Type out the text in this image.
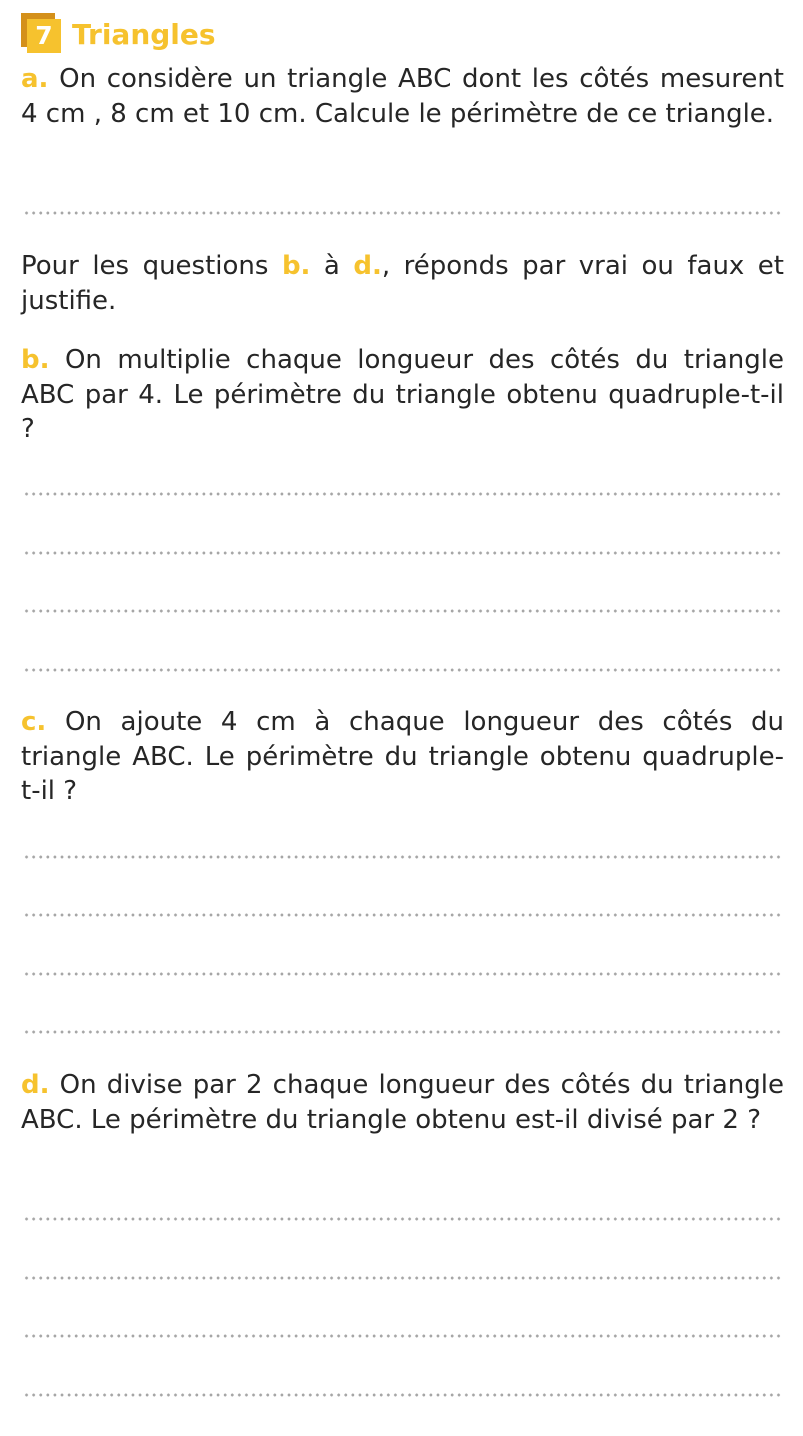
7 Triangles

a. On considère un triangle ABC dont les côtés mesurent 4 cm , 8 cm et 10 cm. Calcule le périmètre de ce triangle.

Pour les questions b. à d., réponds par vrai ou faux et justifie.

b. On multiplie chaque longueur des côtés du triangle ABC par 4. Le périmètre du triangle obtenu quadruple-t-il ?

c. On ajoute 4 cm à chaque longueur des côtés du triangle ABC. Le périmètre du triangle obtenu quadruple-t-il ?

d. On divise par 2 chaque longueur des côtés du triangle ABC. Le périmètre du triangle obtenu est-il divisé par 2 ?
